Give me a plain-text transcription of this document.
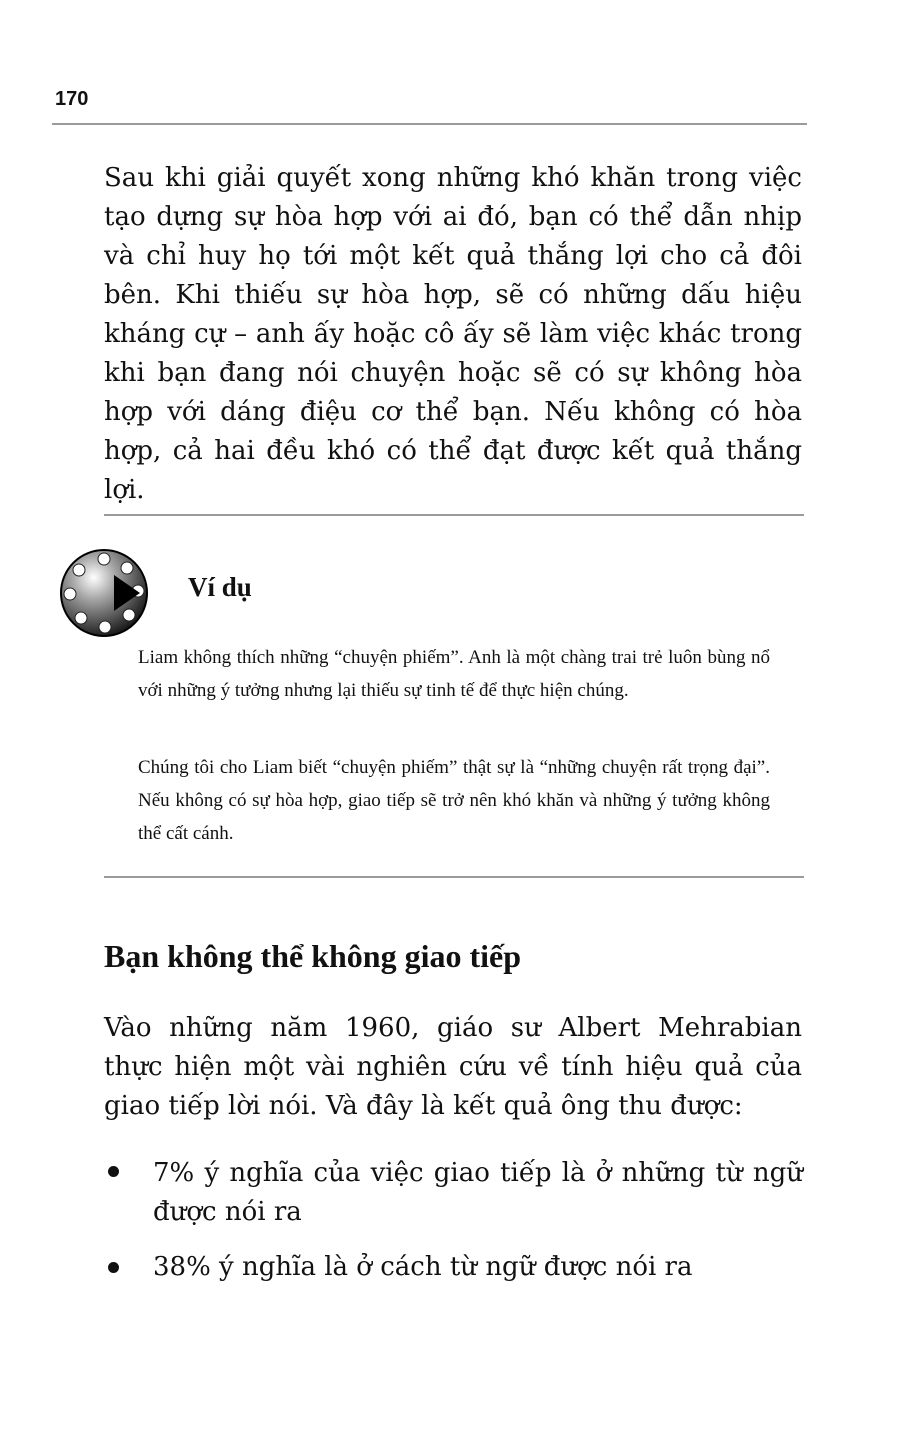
170

Sau khi giải quyết xong những khó khăn trong việc tạo dựng sự hòa hợp với ai đó, bạn có thể dẫn nhịp và chỉ huy họ tới một kết quả thắng lợi cho cả đôi bên. Khi thiếu sự hòa hợp, sẽ có những dấu hiệu kháng cự – anh ấy hoặc cô ấy sẽ làm việc khác trong khi bạn đang nói chuyện hoặc sẽ có sự không hòa hợp với dáng điệu cơ thể bạn. Nếu không có hòa hợp, cả hai đều khó có thể đạt được kết quả thắng lợi.

Ví dụ

Liam không thích những “chuyện phiếm”. Anh là một chàng trai trẻ luôn bùng nổ với những ý tưởng nhưng lại thiếu sự tinh tế để thực hiện chúng.

Chúng tôi cho Liam biết “chuyện phiếm” thật sự là “những chuyện rất trọng đại”. Nếu không có sự hòa hợp, giao tiếp sẽ trở nên khó khăn và những ý tưởng không thể cất cánh.

Bạn không thể không giao tiếp

Vào những năm 1960, giáo sư Albert Mehrabian thực hiện một vài nghiên cứu về tính hiệu quả của giao tiếp lời nói. Và đây là kết quả ông thu được:

7% ý nghĩa của việc giao tiếp là ở những từ ngữ được nói ra

38% ý nghĩa là ở cách từ ngữ được nói ra
